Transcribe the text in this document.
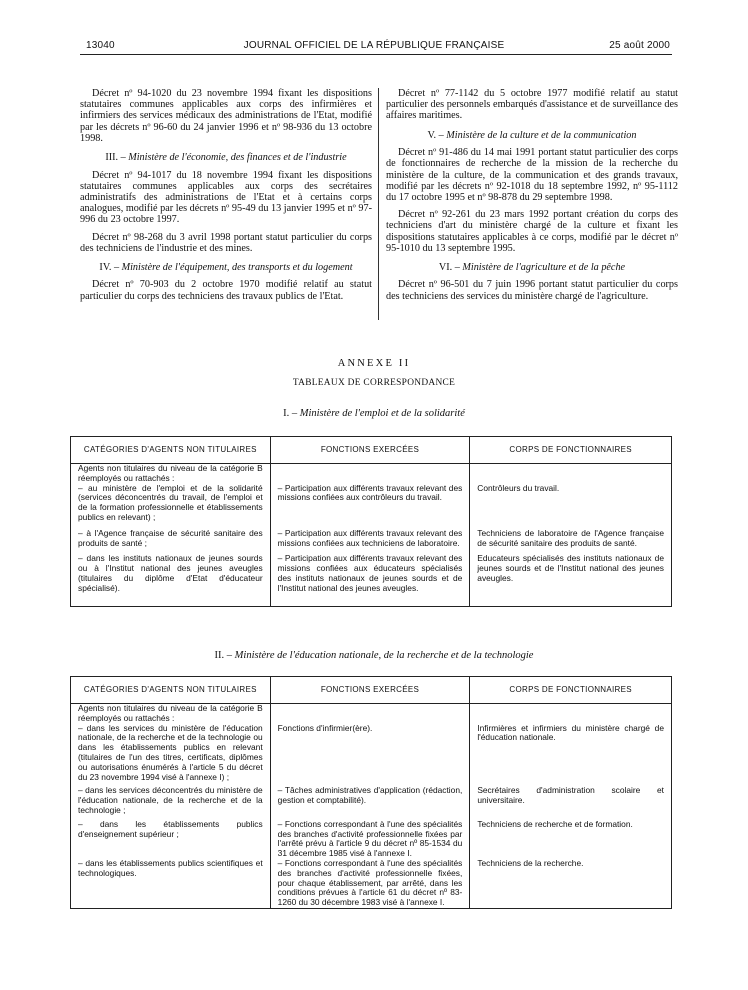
13040	JOURNAL OFFICIEL DE LA RÉPUBLIQUE FRANÇAISE	25 août 2000

Décret nº 94-1020 du 23 novembre 1994 fixant les dispositions statutaires communes applicables aux corps des infirmières et infirmiers des services médicaux des administrations de l'Etat, modifié par les décrets nº 96-60 du 24 janvier 1996 et nº 98-936 du 13 octobre 1998.

III. – Ministère de l'économie, des finances et de l'industrie

Décret nº 94-1017 du 18 novembre 1994 fixant les dispositions statutaires communes applicables aux corps des secrétaires administratifs des administrations de l'Etat et à certains corps analogues, modifié par les décrets nº 95-49 du 13 janvier 1995 et nº 97-996 du 23 octobre 1997.

Décret nº 98-268 du 3 avril 1998 portant statut particulier du corps des techniciens de l'industrie et des mines.

IV. – Ministère de l'équipement, des transports et du logement

Décret nº 70-903 du 2 octobre 1970 modifié relatif au statut particulier du corps des techniciens des travaux publics de l'Etat.

Décret nº 77-1142 du 5 octobre 1977 modifié relatif au statut particulier des personnels embarqués d'assistance et de surveillance des affaires maritimes.

V. – Ministère de la culture et de la communication

Décret nº 91-486 du 14 mai 1991 portant statut particulier des corps de fonctionnaires de recherche de la mission de la recherche du ministère de la culture, de la communication et des grands travaux, modifié par les décrets nº 92-1018 du 18 septembre 1992, nº 95-1112 du 17 octobre 1995 et nº 98-878 du 29 septembre 1998.

Décret nº 92-261 du 23 mars 1992 portant création du corps des techniciens d'art du ministère chargé de la culture et fixant les dispositions statutaires applicables à ce corps, modifié par le décret nº 95-1010 du 13 septembre 1995.

VI. – Ministère de l'agriculture et de la pêche

Décret nº 96-501 du 7 juin 1996 portant statut particulier du corps des techniciens des services du ministère chargé de l'agriculture.

ANNEXE II
TABLEAUX DE CORRESPONDANCE
I. – Ministère de l'emploi et de la solidarité
CATÉGORIES D'AGENTS NON TITULAIRES	FONCTIONS EXERCÉES	CORPS DE FONCTIONNAIRES

Agents non titulaires du niveau de la catégorie B réemployés ou rattachés :		

– au ministère de l'emploi et de la solidarité (services déconcentrés du travail, de l'emploi et de la formation professionnelle et établissements publics en relevant) ;	– Participation aux différents travaux relevant des missions confiées aux contrôleurs du travail.	Contrôleurs du travail.

– à l'Agence française de sécurité sanitaire des produits de santé ;	– Participation aux différents travaux relevant des missions confiées aux techniciens de laboratoire.	Techniciens de laboratoire de l'Agence française de sécurité sanitaire des produits de santé.

– dans les instituts nationaux de jeunes sourds ou à l'Institut national des jeunes aveugles (titulaires du diplôme d'Etat d'éducateur spécialisé).	– Participation aux différents travaux relevant des missions confiées aux éducateurs spécialisés des instituts nationaux de jeunes sourds et de l'Institut national des jeunes aveugles.	Educateurs spécialisés des instituts nationaux de jeunes sourds et de l'Institut national des jeunes aveugles.
II. – Ministère de l'éducation nationale, de la recherche et de la technologie
CATÉGORIES D'AGENTS NON TITULAIRES	FONCTIONS EXERCÉES	CORPS DE FONCTIONNAIRES

Agents non titulaires du niveau de la catégorie B réemployés ou rattachés :		

– dans les services du ministère de l'éducation nationale, de la recherche et de la technologie ou dans les établissements publics en relevant (titulaires de l'un des titres, certificats, diplômes ou autorisations énumérés à l'article 5 du décret du 23 novembre 1994 visé à l'annexe I) ;	Fonctions d'infirmier(ère).	Infirmières et infirmiers du ministère chargé de l'éducation nationale.

– dans les services déconcentrés du ministère de l'éducation nationale, de la recherche et de la technologie ;	– Tâches administratives d'application (rédaction, gestion et comptabilité).	Secrétaires d'administration scolaire et universitaire.

– dans les établissements publics d'enseignement supérieur ;	– Fonctions correspondant à l'une des spécialités des branches d'activité professionnelle fixées par l'arrêté prévu à l'article 9 du décret nº 85-1534 du 31 décembre 1985 visé à l'annexe I.	Techniciens de recherche et de formation.

– dans les établissements publics scientifiques et technologiques.	– Fonctions correspondant à l'une des spécialités des branches d'activité professionnelle fixées, pour chaque établissement, par arrêté, dans les conditions prévues à l'article 61 du décret nº 83-1260 du 30 décembre 1983 visé à l'annexe I.	Techniciens de la recherche.
